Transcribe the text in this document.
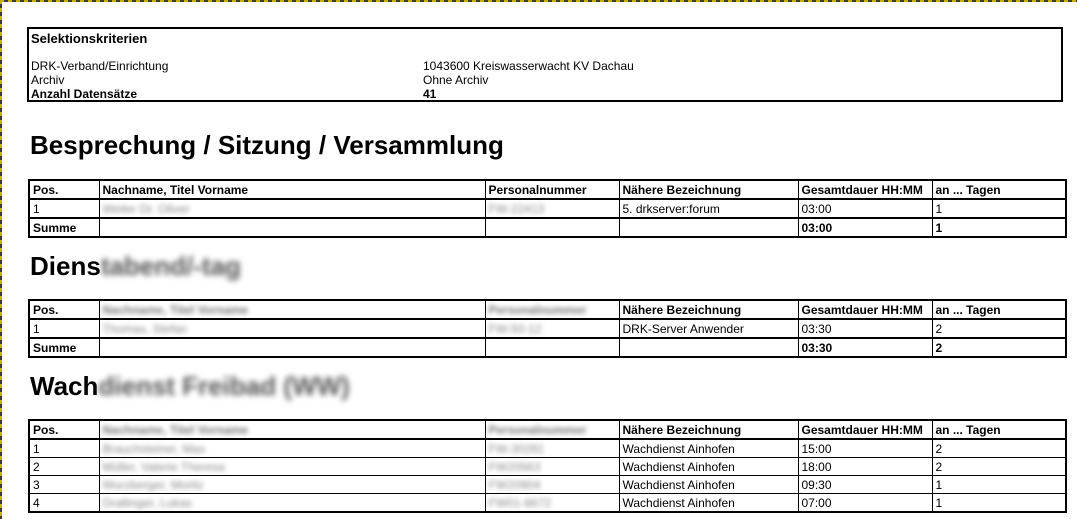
Selektionskriterien
DRK-Verband/Einrichtung	1043600 Kreiswasserwacht KV Dachau
Archiv	Ohne Archiv
Anzahl Datensätze	41
Besprechung / Sitzung / Versammlung
Pos.	Nachname, Titel Vorname	Personalnummer	Nähere Bezeichnung	Gesamtdauer HH:MM	an ... Tagen
1	Weiler Dr. Oliver	FW-22413	5. drkserver:forum	03:00	1
Summe				03:00	1
Dienstabend/-tag
Pos.	Nachname, Titel Vorname	Personalnummer	Nähere Bezeichnung	Gesamtdauer HH:MM	an ... Tagen
1	Thomas, Stefan	FW-50-12	DRK-Server Anwender	03:30	2
Summe				03:30	2
Wachdienst Freibad (WW)
Pos.	Nachname, Titel Vorname	Personalnummer	Nähere Bezeichnung	Gesamtdauer HH:MM	an ... Tagen
1	Brauchsteiner, Max	FW-30281	Wachdienst Ainhofen	15:00	2
2	Müller, Valerie Theresa	FW20563	Wachdienst Ainhofen	18:00	2
3	Wurzberger, Moritz	FW20904	Wachdienst Ainhofen	09:30	1
4	Drallinger, Lukas	FW01-8672	Wachdienst Ainhofen	07:00	1
